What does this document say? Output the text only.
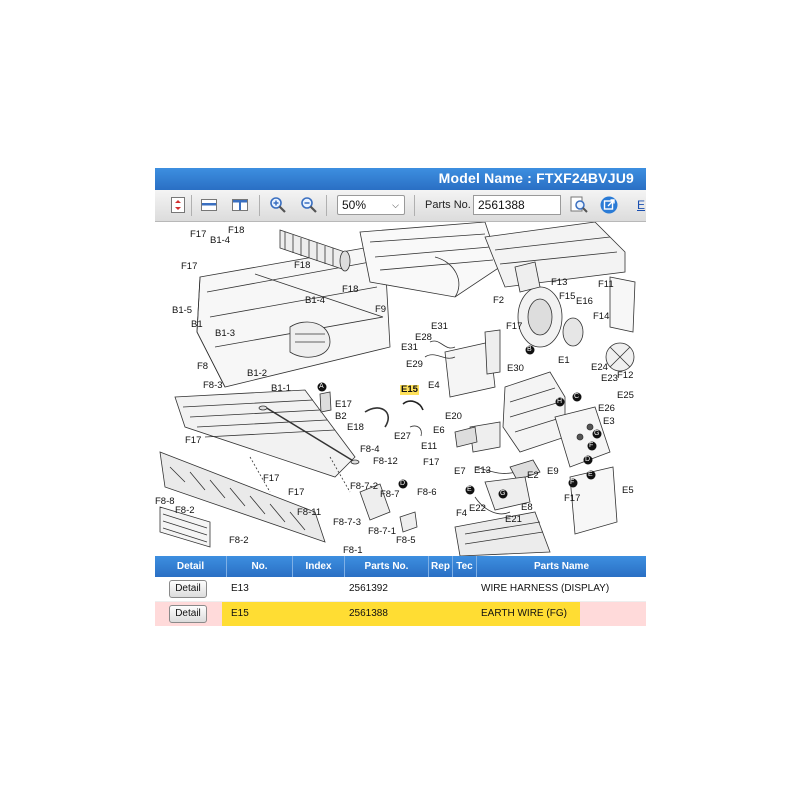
Model Name : FTXF24BVJU9
50%	⌵ Parts No.
2561388	E
F17
B1-4
F18
F17	F18
B1-4
F18
F9
B1-5
B1
B1-3
F8
B1-2
B1-1
F8-3
F17
E31
E28
E31
E29
E4
E30
E15
E17
B2
E18
E27
E20
E6
E11
F17
E7 E13	E2
F8-4
F8-12
F17
F17
F8-11
F8-7-2
F8-7 F8-6
F8-7-3
F8-7-1
F8-5
F8-1
F8-8
F8-2
F8-2
F4 E22
E21
E8
E9
F17
E5
F13
F15
F2	E16
F11
F14
E1
E24
F12
E23
E25
E26
E3
F17
A
B
D
E
H
C
D
E
G
F
G
F
Detail	No.	Index	Parts No.	Rep Tec	Parts Name
Detail	E13	2561392	WIRE HARNESS (DISPLAY)
Detail	E15	2561388	EARTH WIRE (FG)
